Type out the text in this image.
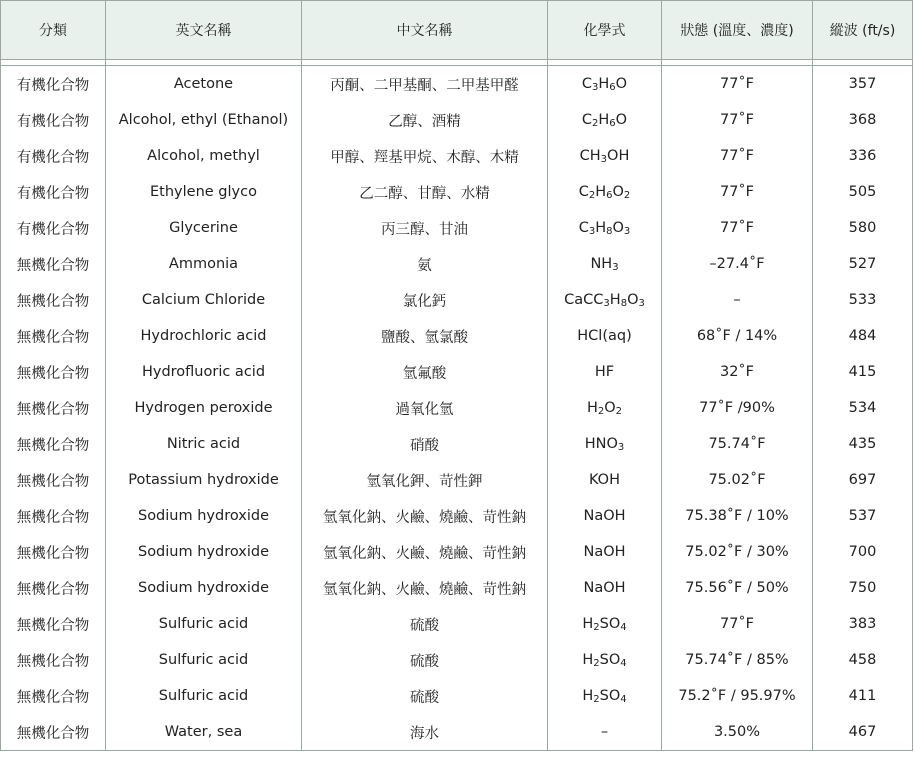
分類	英文名稱	中文名稱	化學式	狀態 (溫度、濃度)	縱波 (ft/s)

有機化合物	Acetone	丙酮、二甲基酮、二甲基甲醛	$C_3H_6O$	77˚F	357
有機化合物	Alcohol, ethyl (Ethanol)	乙醇、酒精	$C_2H_6O$	77˚F	368
有機化合物	Alcohol, methyl	甲醇、羥基甲烷、木醇、木精	$CH_3OH$	77˚F	336
有機化合物	Ethylene glyco	乙二醇、甘醇、水精	$C_2H_6O_2$	77˚F	505
有機化合物	Glycerine	丙三醇、甘油	$C_3H_8O_3$	77˚F	580
無機化合物	Ammonia	氨	$NH_3$	–27.4˚F	527
無機化合物	Calcium Chloride	氯化鈣	$CaCC_3H_8O_3$	–	533
無機化合物	Hydrochloric acid	鹽酸、氫氯酸	HCl(aq)	68˚F / 14%	484
無機化合物	Hydrofluoric acid	氫氟酸	HF	32˚F	415
無機化合物	Hydrogen peroxide	過氧化氫	$H_2O_2$	77˚F /90%	534
無機化合物	Nitric acid	硝酸	$HNO_3$	75.74˚F	435
無機化合物	Potassium hydroxide	氫氧化鉀、苛性鉀	KOH	75.02˚F	697
無機化合物	Sodium hydroxide	氫氧化鈉、火鹼、燒鹼、苛性鈉	NaOH	75.38˚F / 10%	537
無機化合物	Sodium hydroxide	氫氧化鈉、火鹼、燒鹼、苛性鈉	NaOH	75.02˚F / 30%	700
無機化合物	Sodium hydroxide	氫氧化鈉、火鹼、燒鹼、苛性鈉	NaOH	75.56˚F / 50%	750
無機化合物	Sulfuric acid	硫酸	$H_2SO_4$	77˚F	383
無機化合物	Sulfuric acid	硫酸	$H_2SO_4$	75.74˚F / 85%	458
無機化合物	Sulfuric acid	硫酸	$H_2SO_4$	75.2˚F / 95.97%	411
無機化合物	Water, sea	海水	–	3.50%	467
